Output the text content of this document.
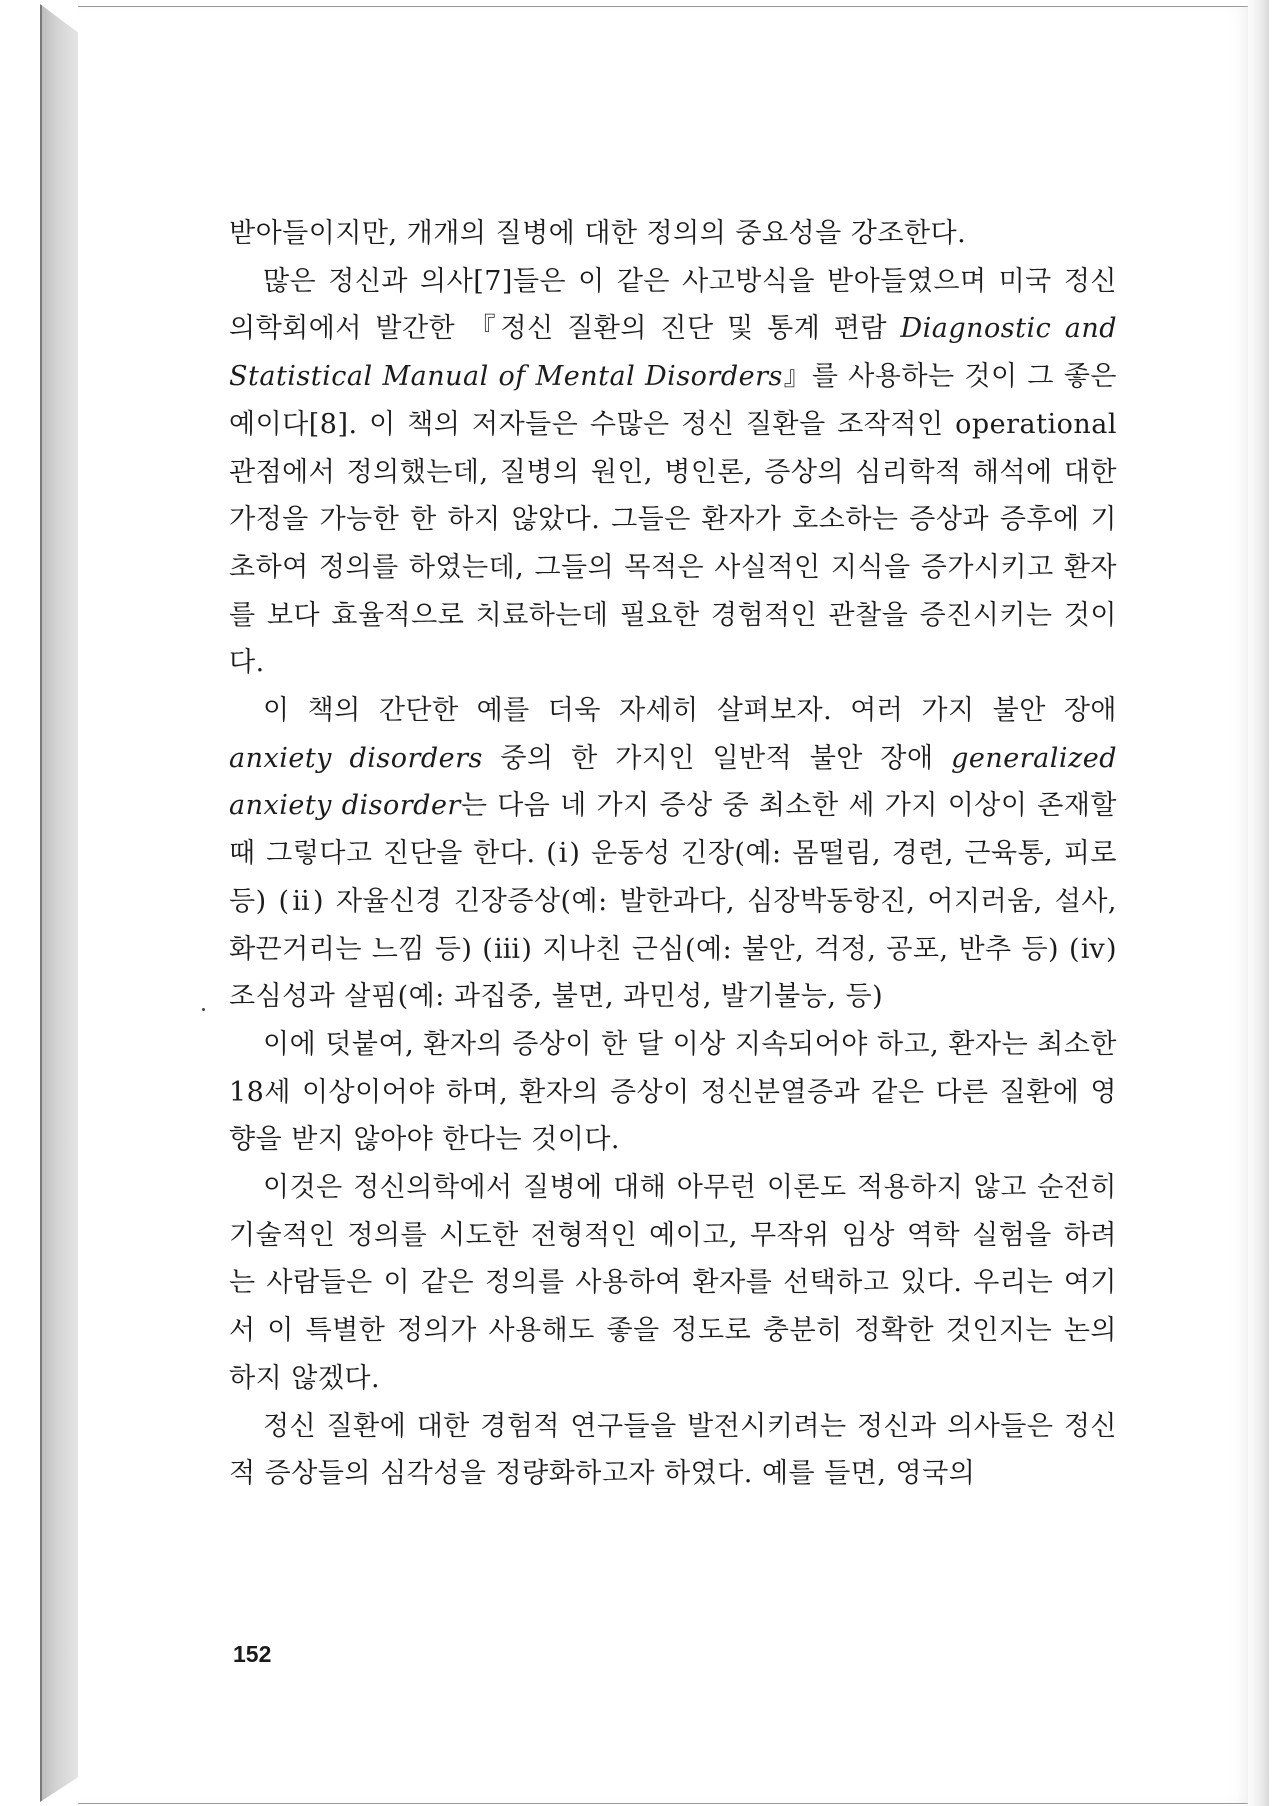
받아들이지만, 개개의 질병에 대한 정의의 중요성을 강조한다.

많은 정신과 의사[7]들은 이 같은 사고방식을 받아들였으며 미국 정신의학회에서 발간한 『정신 질환의 진단 및 통계 편람 Diagnostic and Statistical Manual of Mental Disorders』를 사용하는 것이 그 좋은 예이다[8]. 이 책의 저자들은 수많은 정신 질환을 조작적인 operational 관점에서 정의했는데, 질병의 원인, 병인론, 증상의 심리학적 해석에 대한 가정을 가능한 한 하지 않았다. 그들은 환자가 호소하는 증상과 증후에 기초하여 정의를 하였는데, 그들의 목적은 사실적인 지식을 증가시키고 환자를 보다 효율적으로 치료하는데 필요한 경험적인 관찰을 증진시키는 것이다.

이 책의 간단한 예를 더욱 자세히 살펴보자. 여러 가지 불안 장애 anxiety disorders 중의 한 가지인 일반적 불안 장애 generalized anxiety disorder는 다음 네 가지 증상 중 최소한 세 가지 이상이 존재할 때 그렇다고 진단을 한다. (ⅰ) 운동성 긴장(예: 몸떨림, 경련, 근육통, 피로 등) (ⅱ) 자율신경 긴장증상(예: 발한과다, 심장박동항진, 어지러움, 설사, 화끈거리는 느낌 등) (ⅲ) 지나친 근심(예: 불안, 걱정, 공포, 반추 등) (ⅳ) 조심성과 살핌(예: 과집중, 불면, 과민성, 발기불능, 등)

이에 덧붙여, 환자의 증상이 한 달 이상 지속되어야 하고, 환자는 최소한 18세 이상이어야 하며, 환자의 증상이 정신분열증과 같은 다른 질환에 영향을 받지 않아야 한다는 것이다.

이것은 정신의학에서 질병에 대해 아무런 이론도 적용하지 않고 순전히 기술적인 정의를 시도한 전형적인 예이고, 무작위 임상 역학 실험을 하려는 사람들은 이 같은 정의를 사용하여 환자를 선택하고 있다. 우리는 여기서 이 특별한 정의가 사용해도 좋을 정도로 충분히 정확한 것인지는 논의하지 않겠다.

정신 질환에 대한 경험적 연구들을 발전시키려는 정신과 의사들은 정신적 증상들의 심각성을 정량화하고자 하였다. 예를 들면, 영국의

152
